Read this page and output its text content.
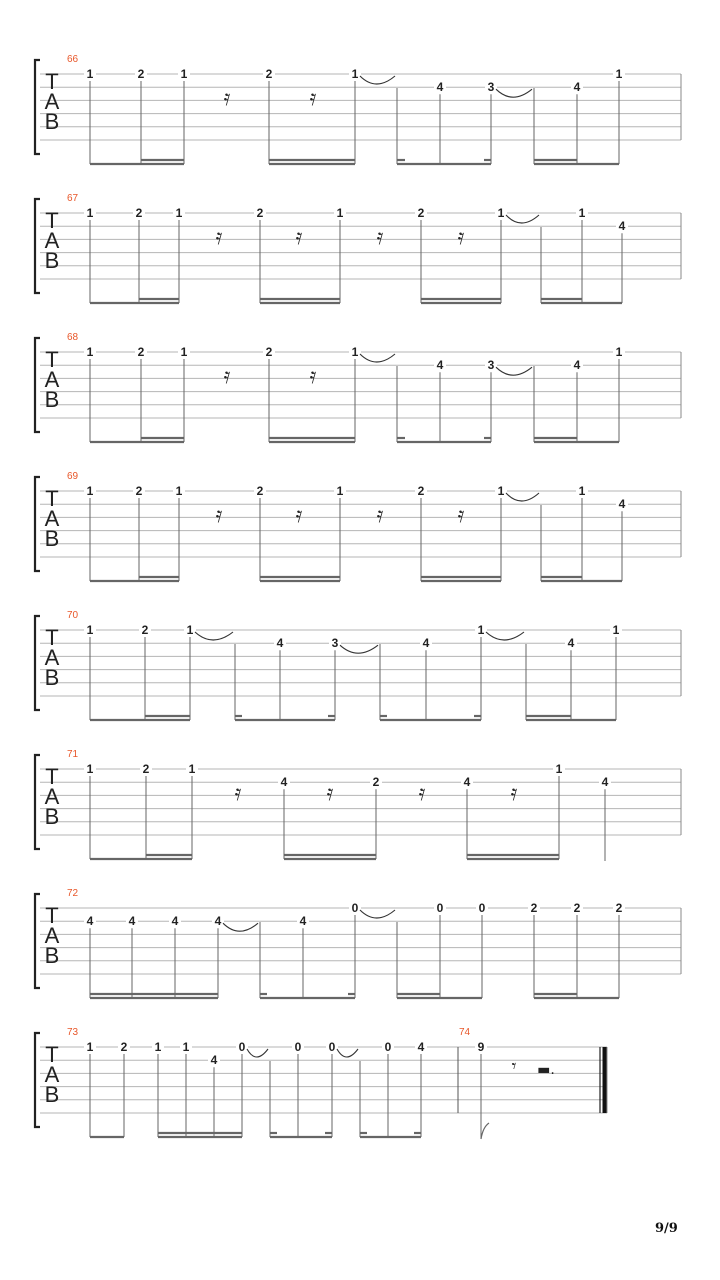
T
A
B
66
1	2	1
𝄿
2
𝄿
1
4	3	4
1
T
A
B
67
1	2	1
𝄿
2
𝄿
1
𝄿
2
𝄿
1	1
4
T
A
B
68
1	2	1
𝄿
2
𝄿
1
4	3	4
1
T
A
B
69
1	2	1
𝄿
2
𝄿
1
𝄿
2
𝄿
1	1
4
T
A
B
70
1	2	1
4	3	4
1
4
1
T
A
B
71
1	2	1
𝄿	4 𝄿	2 𝄿	4 𝄿
1
4
T
A
B
72
4	4	4	4	4
0	0	0	2	2	2
T
A
B
73
1 2 1 1
4
0	0 0	0 4	9
𝄾 ▬.
74
9/9
